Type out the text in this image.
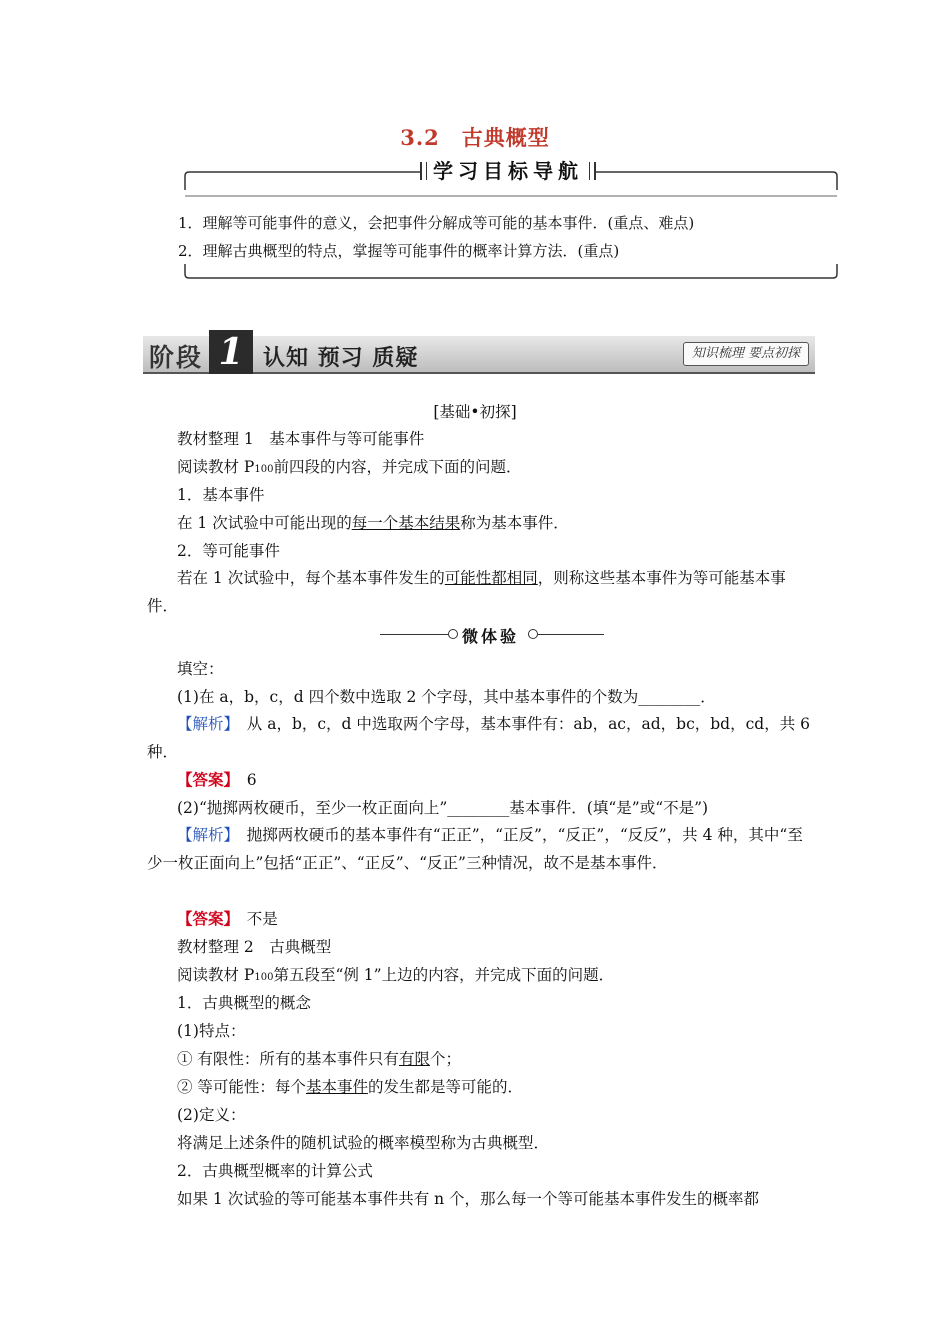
3.2　古典概型
学习目标导航
1．理解等可能事件的意义，会把事件分解成等可能的基本事件．(重点、难点)
2．理解古典概型的特点，掌握等可能事件的概率计算方法．(重点)
阶段 1 认知 预习 质疑	知识梳理 要点初探
[基础•初探]
教材整理 1　基本事件与等可能事件
阅读教材 P100前四段的内容，并完成下面的问题．
1．基本事件
在 1 次试验中可能出现的每一个基本结果称为基本事件．
2．等可能事件
若在 1 次试验中，每个基本事件发生的可能性都相同，则称这些基本事件为等可能基本事件．
微体验
填空：
(1)在 a，b，c，d 四个数中选取 2 个字母，其中基本事件的个数为________．
【解析】　 从 a，b，c，d 中选取两个字母，基本事件有：ab，ac，ad，bc，bd，cd，共 6 种．
【答案】　 6
(2)“抛掷两枚硬币，至少一枚正面向上”________基本事件．(填“是”或“不是”)
【解析】　 抛掷两枚硬币的基本事件有“正正”，“正反”，“反正”，“反反”，共 4 种，其中“至少一枚正面向上”包括“正正”、“正反”、“反正”三种情况，故不是基本事件．
【答案】　 不是
教材整理 2　古典概型
阅读教材 P100第五段至“例 1”上边的内容，并完成下面的问题．
1．古典概型的概念
(1)特点：
① 有限性：所有的基本事件只有有限个；
② 等可能性：每个基本事件的发生都是等可能的．
(2)定义：
将满足上述条件的随机试验的概率模型称为古典概型．
2．古典概型概率的计算公式
如果 1 次试验的等可能基本事件共有 n 个，那么每一个等可能基本事件发生的概率都
